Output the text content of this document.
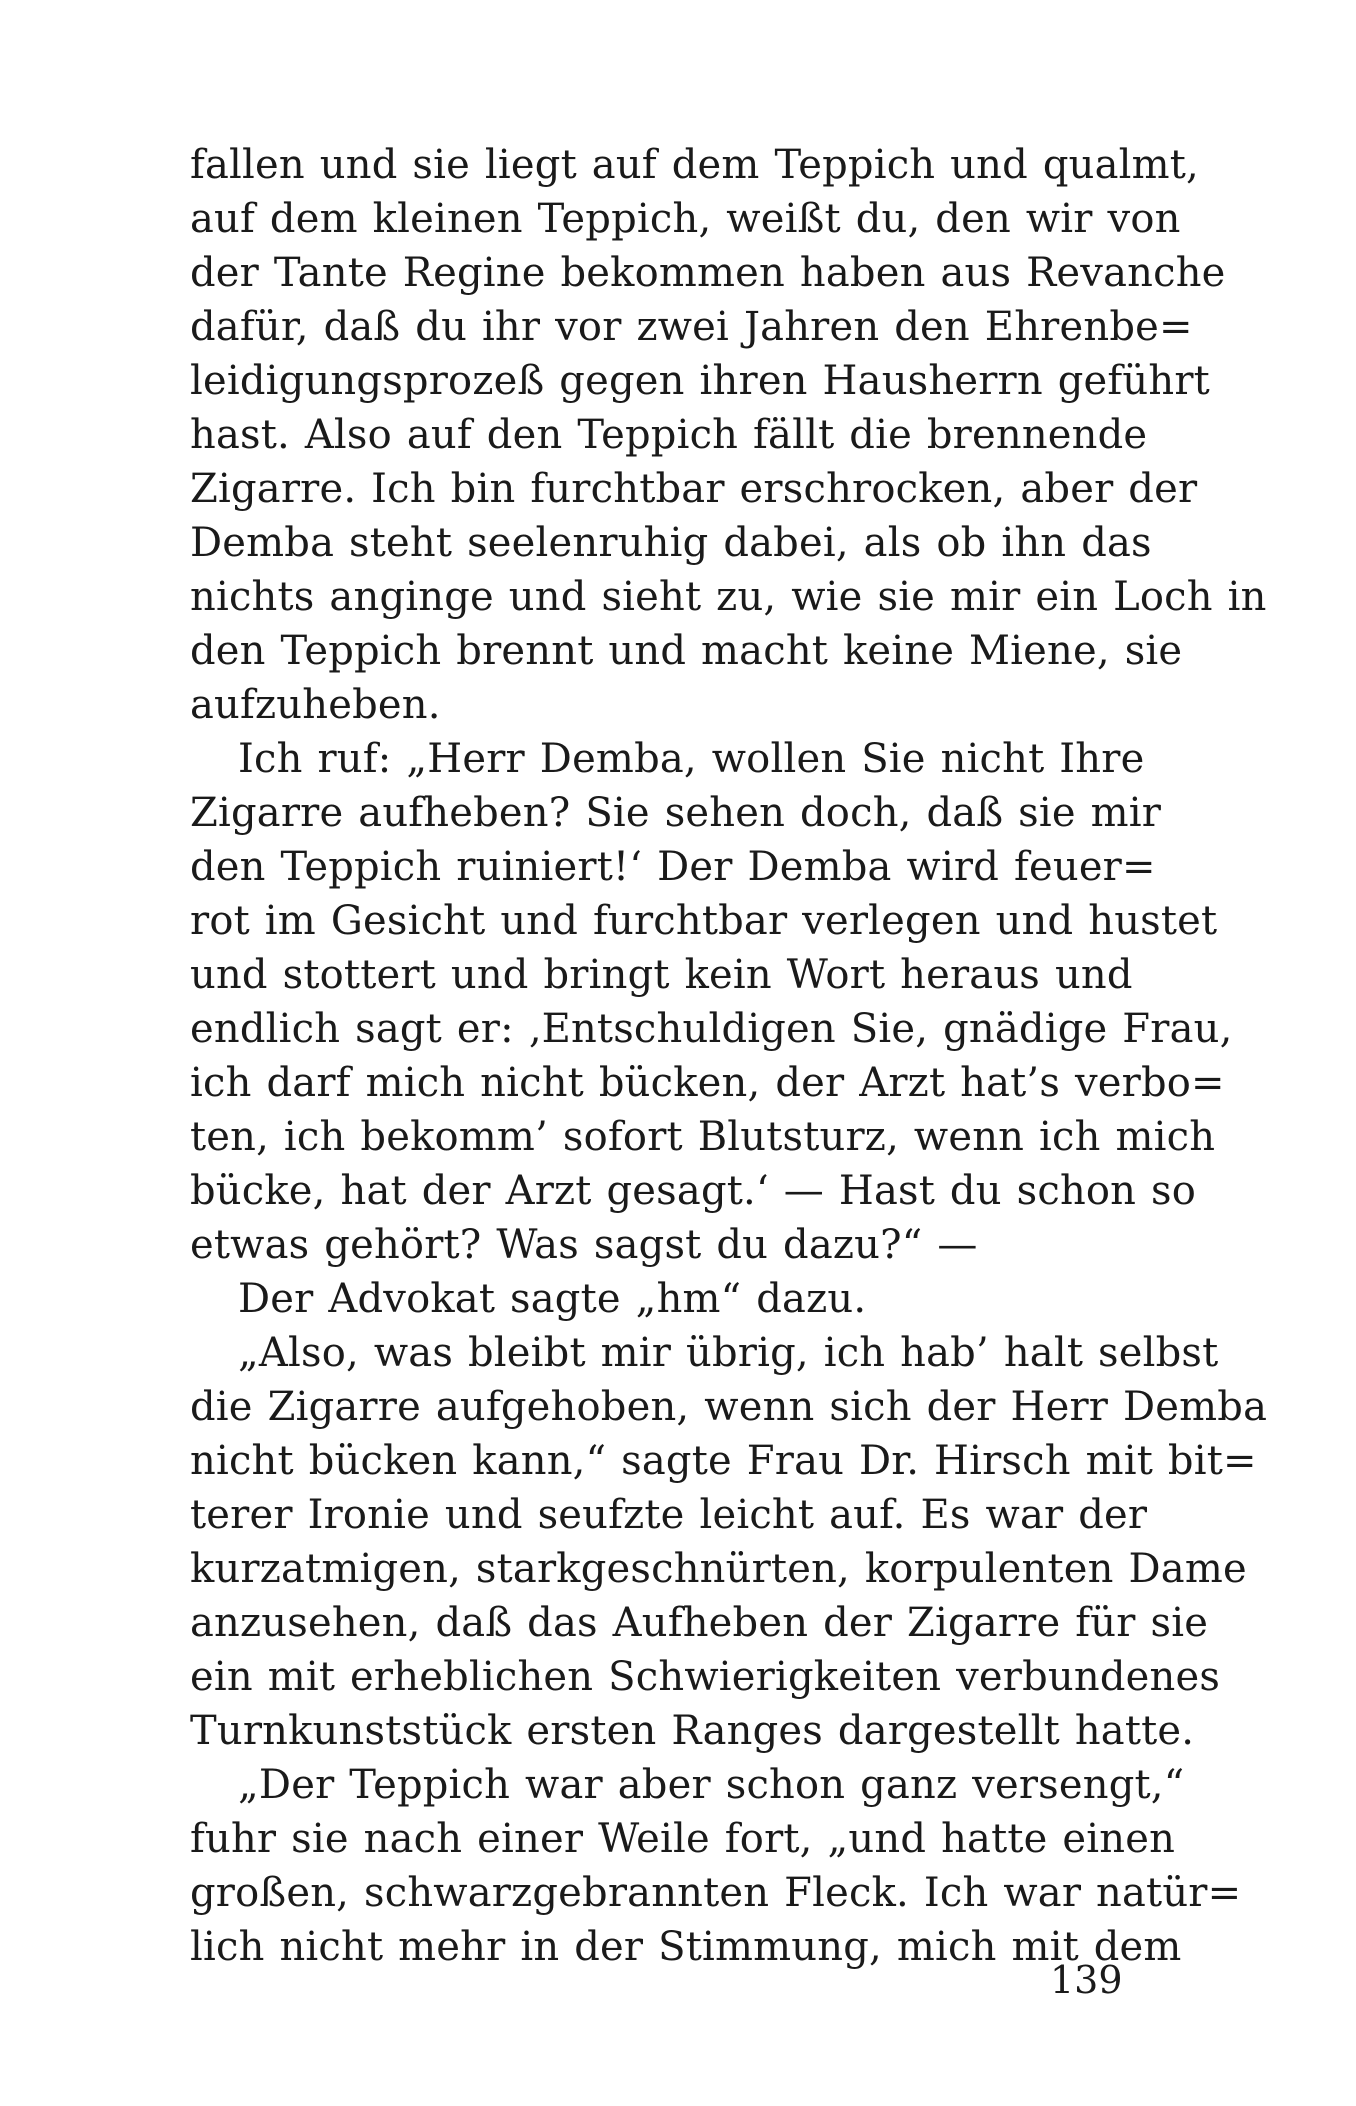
fallen und sie liegt auf dem Teppich und qualmt,
auf dem kleinen Teppich, weißt du, den wir von
der Tante Regine bekommen haben aus Revanche
dafür, daß du ihr vor zwei Jahren den Ehrenbe=
leidigungsprozeß gegen ihren Hausherrn geführt
hast. Also auf den Teppich fällt die brennende
Zigarre. Ich bin furchtbar erschrocken, aber der
Demba steht seelenruhig dabei, als ob ihn das
nichts anginge und sieht zu, wie sie mir ein Loch in
den Teppich brennt und macht keine Miene, sie
aufzuheben.
Ich ruf: „Herr Demba, wollen Sie nicht Ihre
Zigarre aufheben? Sie sehen doch, daß sie mir
den Teppich ruiniert!‘ Der Demba wird feuer=
rot im Gesicht und furchtbar verlegen und hustet
und stottert und bringt kein Wort heraus und
endlich sagt er: ‚Entschuldigen Sie, gnädige Frau,
ich darf mich nicht bücken, der Arzt hat’s verbo=
ten, ich bekomm’ sofort Blutsturz, wenn ich mich
bücke, hat der Arzt gesagt.‘ — Hast du schon so
etwas gehört? Was sagst du dazu?“ —
Der Advokat sagte „hm“ dazu.
„Also, was bleibt mir übrig, ich hab’ halt selbst
die Zigarre aufgehoben, wenn sich der Herr Demba
nicht bücken kann,“ sagte Frau Dr. Hirsch mit bit=
terer Ironie und seufzte leicht auf. Es war der
kurzatmigen, starkgeschnürten, korpulenten Dame
anzusehen, daß das Aufheben der Zigarre für sie
ein mit erheblichen Schwierigkeiten verbundenes
Turnkunststück ersten Ranges dargestellt hatte.
„Der Teppich war aber schon ganz versengt,“
fuhr sie nach einer Weile fort, „und hatte einen
großen, schwarzgebrannten Fleck. Ich war natür=
lich nicht mehr in der Stimmung, mich mit dem
139
